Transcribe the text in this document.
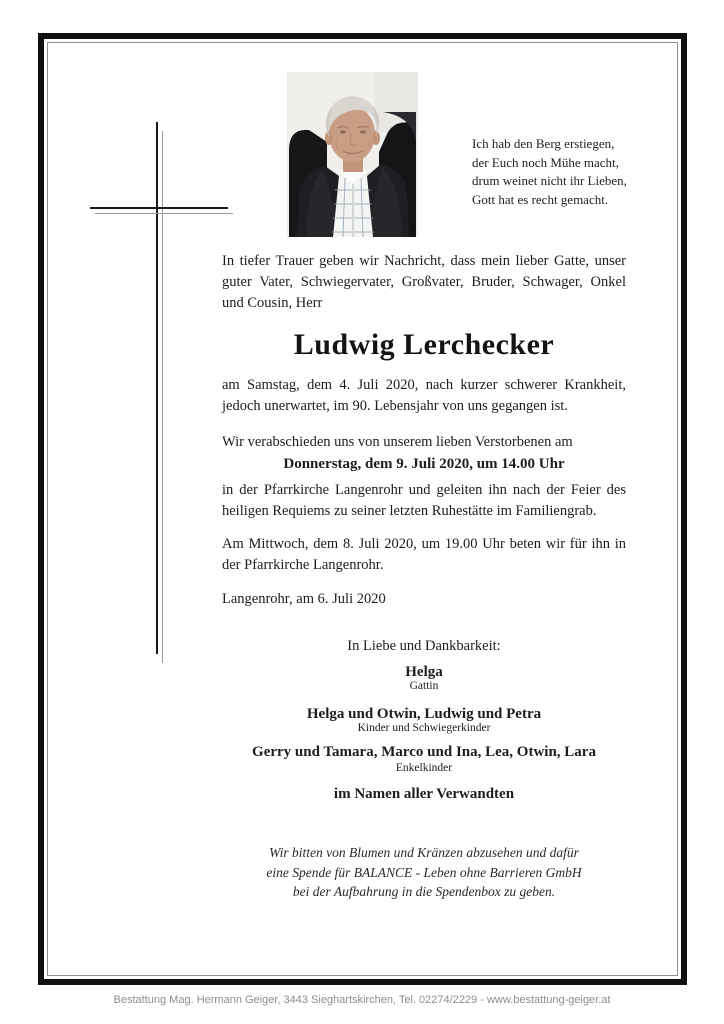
Ich hab den Berg erstiegen,
der Euch noch Mühe macht,
drum weinet nicht ihr Lieben,
Gott hat es recht gemacht.
In tiefer Trauer geben wir Nachricht, dass mein lieber Gatte, unser guter Vater, Schwiegervater, Großvater, Bruder, Schwager, Onkel und Cousin, Herr
Ludwig Lerchecker
am Samstag, dem 4. Juli 2020, nach kurzer schwerer Krankheit, jedoch unerwartet, im 90. Lebensjahr von uns gegangen ist.
Wir verabschieden uns von unserem lieben Verstorbenen am
Donnerstag, dem 9. Juli 2020, um 14.00 Uhr
in der Pfarrkirche Langenrohr und geleiten ihn nach der Feier des heiligen Requiems zu seiner letzten Ruhestätte im Familiengrab.
Am Mittwoch, dem 8. Juli 2020, um 19.00 Uhr beten wir für ihn in der Pfarrkirche Langenrohr.
Langenrohr, am 6. Juli 2020
In Liebe und Dankbarkeit:
Helga
Gattin
Helga und Otwin, Ludwig und Petra
Kinder und Schwiegerkinder
Gerry und Tamara, Marco und Ina, Lea, Otwin, Lara
Enkelkinder
im Namen aller Verwandten
Wir bitten von Blumen und Kränzen abzusehen und dafür
eine Spende für BALANCE - Leben ohne Barrieren GmbH
bei der Aufbahrung in die Spendenbox zu geben.
Bestattung Mag. Hermann Geiger, 3443 Sieghartskirchen, Tel. 02274/2229 - www.bestattung-geiger.at
